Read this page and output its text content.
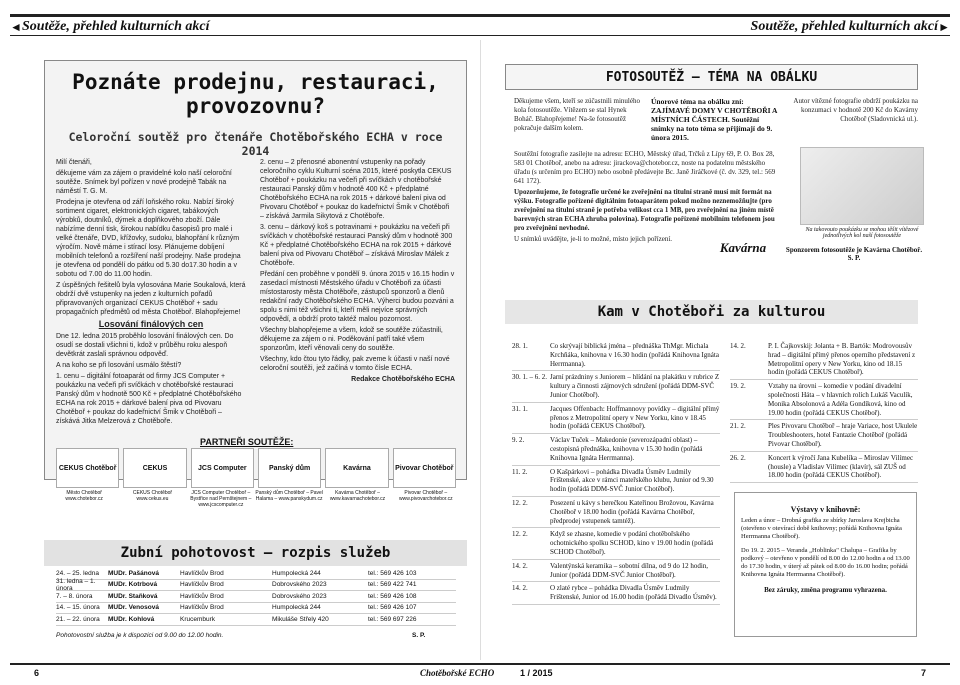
◄ Soutěže, přehled kulturních akcí	Soutěže, přehled kulturních akcí ►
Poznáte prodejnu, restauraci, provozovnu?
Celoroční soutěž pro čtenáře Chotěbořského ECHA v roce 2014

Milí čtenáři,

děkujeme vám za zájem o pravidelné kolo naší celoroční soutěže. Snímek byl pořízen v nové prodejně Tabák na náměstí T. G. M.

Prodejna je otevřena od září loňského roku. Nabízí široký sortiment cigaret, elektronických cigaret, tabákových výrobků, doutníků, dýmek a doplňkového zboží. Dále nabízíme denní tisk, širokou nabídku časopisů pro malé i velké čtenáře, DVD, křížovky, sudoku, blahopřání k různým výročím. Nově máme i stírací losy. Plánujeme dobíjení mobilních telefonů a rozšíření naší prodejny. Naše prodejna je otevřena od pondělí do pátku od 5.30 do17.30 hodin a v sobotu od 7.00 do 11.00 hodin.

Z úspěšných řešitelů byla vylosována Marie Soukalová, která obdrží dvě vstupenky na jeden z kulturních pořadů připravovaných organizací CEKUS Chotěboř + sadu propagačních předmětů od města Chotěboř. Blahopřejeme!

Losování finálových cen

Dne 12. ledna 2015 proběhlo losování finálových cen. Do osudí se dostali všichni ti, kdož v průběhu roku alespoň devětkrát zaslali správnou odpověď.

A na koho se při losování usmálo štěstí?

1. cenu – digitální fotoaparát od firmy JCS Computer + poukázku na večeři při svíčkách v chotěbořské restauraci Panský dům v hodnotě 500 Kč + předplatné Chotěbořského ECHA na rok 2015 + dárkové balení piva od Pivovaru Chotěboř + poukaz do kadeřnictví Šmik v Chotěboři – získává Jitka Melzerová z Chotěboře.

2. cenu – 2 přenosné abonentní vstupenky na pořady celoročního cyklu Kulturní scéna 2015, které poskytla CEKUS Chotěboř + poukázku na večeři při svíčkách v chotěbořské restauraci Panský dům v hodnotě 400 Kč + předplatné Chotěbořského ECHA na rok 2015 + dárkové balení piva od Pivovaru Chotěboř + poukaz do kadeřnictví Šmik v Chotěboři – získává Jarmila Sikytová z Chotěboře.

3. cenu – dárkový koš s potravinami + poukázku na večeři při svíčkách v chotěbořské restauraci Panský dům v hodnotě 300 Kč + předplatné Chotěbořského ECHA na rok 2015 + dárkové balení piva od Pivovaru Chotěboř – získává Miroslav Málek z Chotěboře.

Předání cen proběhne v pondělí 9. února 2015 v 16.15 hodin v zasedací místnosti Městského úřadu v Chotěboři za účasti místostarosty města Chotěboře, zástupců sponzorů a členů redakční rady Chotěbořského ECHA. Výherci budou pozváni a spolu s nimi též všichni ti, kteří měli nejvíce správných odpovědí, a obdrží proto taktéž malou pozornost.

Všechny blahopřejeme a všem, kdož se soutěže zúčastnili, děkujeme za zájem o ni. Poděkování patří také všem sponzorům, kteří věnovali ceny do soutěže.

Všechny, kdo čtou tyto řádky, pak zveme k účasti v naší nové celoroční soutěži, jež začíná v tomto čísle ECHA.

Redakce Chotěbořského ECHA

PARTNEŘI SOUTĚŽE:
CEKUS Chotěboř	CEKUS	JCS Computer	Panský dům	Kavárna	Pivovar Chotěboř
Město Chotěboř www.chotebor.cz
CEKUS Chotěboř www.cekus.eu
JCS Computer Chotěboř – Bystřice nad Pernštejnem – www.jcscomputer.cz
Panský dům Chotěboř – Pavel Halama – www.panskydum.cz
Kavárna Chotěboř – www.kavarnachotebor.cz
Pivovar Chotěboř – www.pivovarchotebor.cz
Zubní pohotovost – rozpis služeb
24. – 25. ledna	MUDr. Pašánová	Havlíčkův Brod	Humpolecká 244	tel.: 569 426 103
31. ledna – 1. února	MUDr. Kotrbová	Havlíčkův Brod	Dobrovského 2023	tel.: 569 422 741
7. – 8. února	MUDr. Staňková	Havlíčkův Brod	Dobrovského 2023	tel.: 569 426 108
14. – 15. února	MUDr. Venosová	Havlíčkův Brod	Humpolecká 244	tel.: 569 426 107
21. – 22. února	MUDr. Kohlová	Krucemburk	Mikuláše Střely 420	tel.: 569 697 226
Pohotovostní služba je k dispozici od 9.00 do 12.00 hodin.	S. P.
FOTOSOUTĚŽ – TÉMA NA OBÁLKU
Děkujeme všem, kteří se zúčastnili minulého kola fotosoutěže. Vítězem se stal Hynek Boháč. Blahopřejeme! Na-še fotosoutěž pokračuje dalším kolem.
Únorové téma na obálku zní: ZAJÍMAVÉ DOMY V CHOTĚBOŘI A MÍSTNÍCH ČÁSTECH. Soutěžní snímky na toto téma se přijímají do 9. února 2015.
Autor vítězné fotografie obdrží poukázku na konzumaci v hodnotě 200 Kč do Kavárny Chotěboř (Sladovnická ul.).

Soutěžní fotografie zasílejte na adresu: ECHO, Městský úřad, Trčků z Lípy 69, P. O. Box 28, 583 01 Chotěboř, anebo na adresu: jirackova@chotebor.cz, noste na podatelnu městského úřadu (s určením pro ECHO) nebo osobně předávejte Bc. Janě Jiráčkové (č. dv. 329, tel.: 569 641 172).

Upozorňujeme, že fotografie určené ke zveřejnění na titulní straně musí mít formát na výšku. Fotografie pořízené digitálním fotoaparátem pokud možno neznemožňujte (pro zveřejnění na titulní straně je potřeba velikost cca 1 MB, pro zveřejnění na jiném místě barevných stran ECHA zhruba polovina). Fotografie pořízené mobilním telefonem jsou pro zveřejnění nevhodné.

U snímků uvádějte, je-li to možné, místo jejich pořízení.

Na takovouto poukázku se mohou těšit vítězové jednotlivých kol naší fotosoutěže
Kavárna	Sponzorem fotosoutěže je Kavárna Chotěboř. S. P.
Kam v Chotěboři za kulturou
28. 1.	Co skrývají biblická jména – přednáška ThMgr. Michala Krchňáka, knihovna v 16.30 hodin (pořádá Knihovna Ignáta Herrmanna).
30. 1. – 6. 2. Jarní prázdniny s Juniorem – hlídání na plakátku v rubrice Z kultury a činnosti zájmových sdružení (pořádá DDM-SVČ Junior Chotěboř).
31. 1.	Jacques Offenbach: Hoffmannovy povídky – digitální přímý přenos z Metropolitní opery v New Yorku, kino v 18.45 hodin (pořádá CEKUS Chotěboř).
9. 2.	Václav Tuček – Makedonie (severozápadní oblast) – cestopisná přednáška, knihovna v 15.30 hodin (pořádá Knihovna Ignáta Herrmanna).
11. 2.	O Kašpárkovi – pohádka Divadla Úsměv Ludmily Frištenské, akce v rámci mateřského klubu, Junior od 9.30 hodin (pořádá DDM-SVČ Junior Chotěboř).
12. 2.	Posezení u kávy s herečkou Kateřinou Brožovou, Kavárna Chotěboř v 18.00 hodin (pořádá Kavárna Chotěboř, předprodej vstupenek tamtéž).
12. 2.	Když se zhasne, komedie v podání chotěbořského ochotnického spolku SCHOD, kino v 19.00 hodin (pořádá SCHOD Chotěboř).
14. 2.	Valentýnská keramika – sobotní dílna, od 9 do 12 hodin, Junior (pořádá DDM-SVČ Junior Chotěboř).
14. 2.	O zlaté rybce – pohádka Divadla Úsměv Ludmily Frištenské, Junior od 16.00 hodin (pořádá Divadlo Úsměv).
14. 2.	P. I. Čajkovskij: Jolanta + B. Bartók: Modrovousův hrad – digitální přímý přenos operního představení z Metropolitní opery v New Yorku, kino od 18.15 hodin (pořádá CEKUS Chotěboř).
19. 2.	Vztahy na úrovni – komedie v podání divadelní společnosti Háta – v hlavních rolích Lukáš Vaculík, Monika Absolonová a Adéla Gondíková, kino od 19.00 hodin (pořádá CEKUS Chotěboř).
21. 2.	Ples Pivovaru Chotěboř – hraje Variace, host Ukulele Troubleshooters, hotel Fantazie Chotěboř (pořádá Pivovar Chotěboř).
26. 2.	Koncert k výročí Jana Kubelíka – Miroslav Vilímec (housle) a Vladislav Vilímec (klavír), sál ZUŠ od 18.00 hodin (pořádá CEKUS Chotěboř).
Výstavy v knihovně:
Leden a únor – Drobná grafika ze sbírky Jaroslava Krejbicha (otevřeno v otevírací době knihovny; pořádá Knihovna Ignáta Herrmanna Chotěboř).
Do 19. 2. 2015 – Veranda „Hoblinka" Chalupa – Grafika by podkový – otevřeno v pondělí od 8.00 do 12.00 hodin a od 13.00 do 17.30 hodin, v úterý až pátek od 8.00 do 16.00 hodin; pořádá Knihovna Ignáta Herrmanna Chotěboř).
Bez záruky, změna programu vyhrazena.
6	Chotěbořské ECHO	1 / 2015	7
